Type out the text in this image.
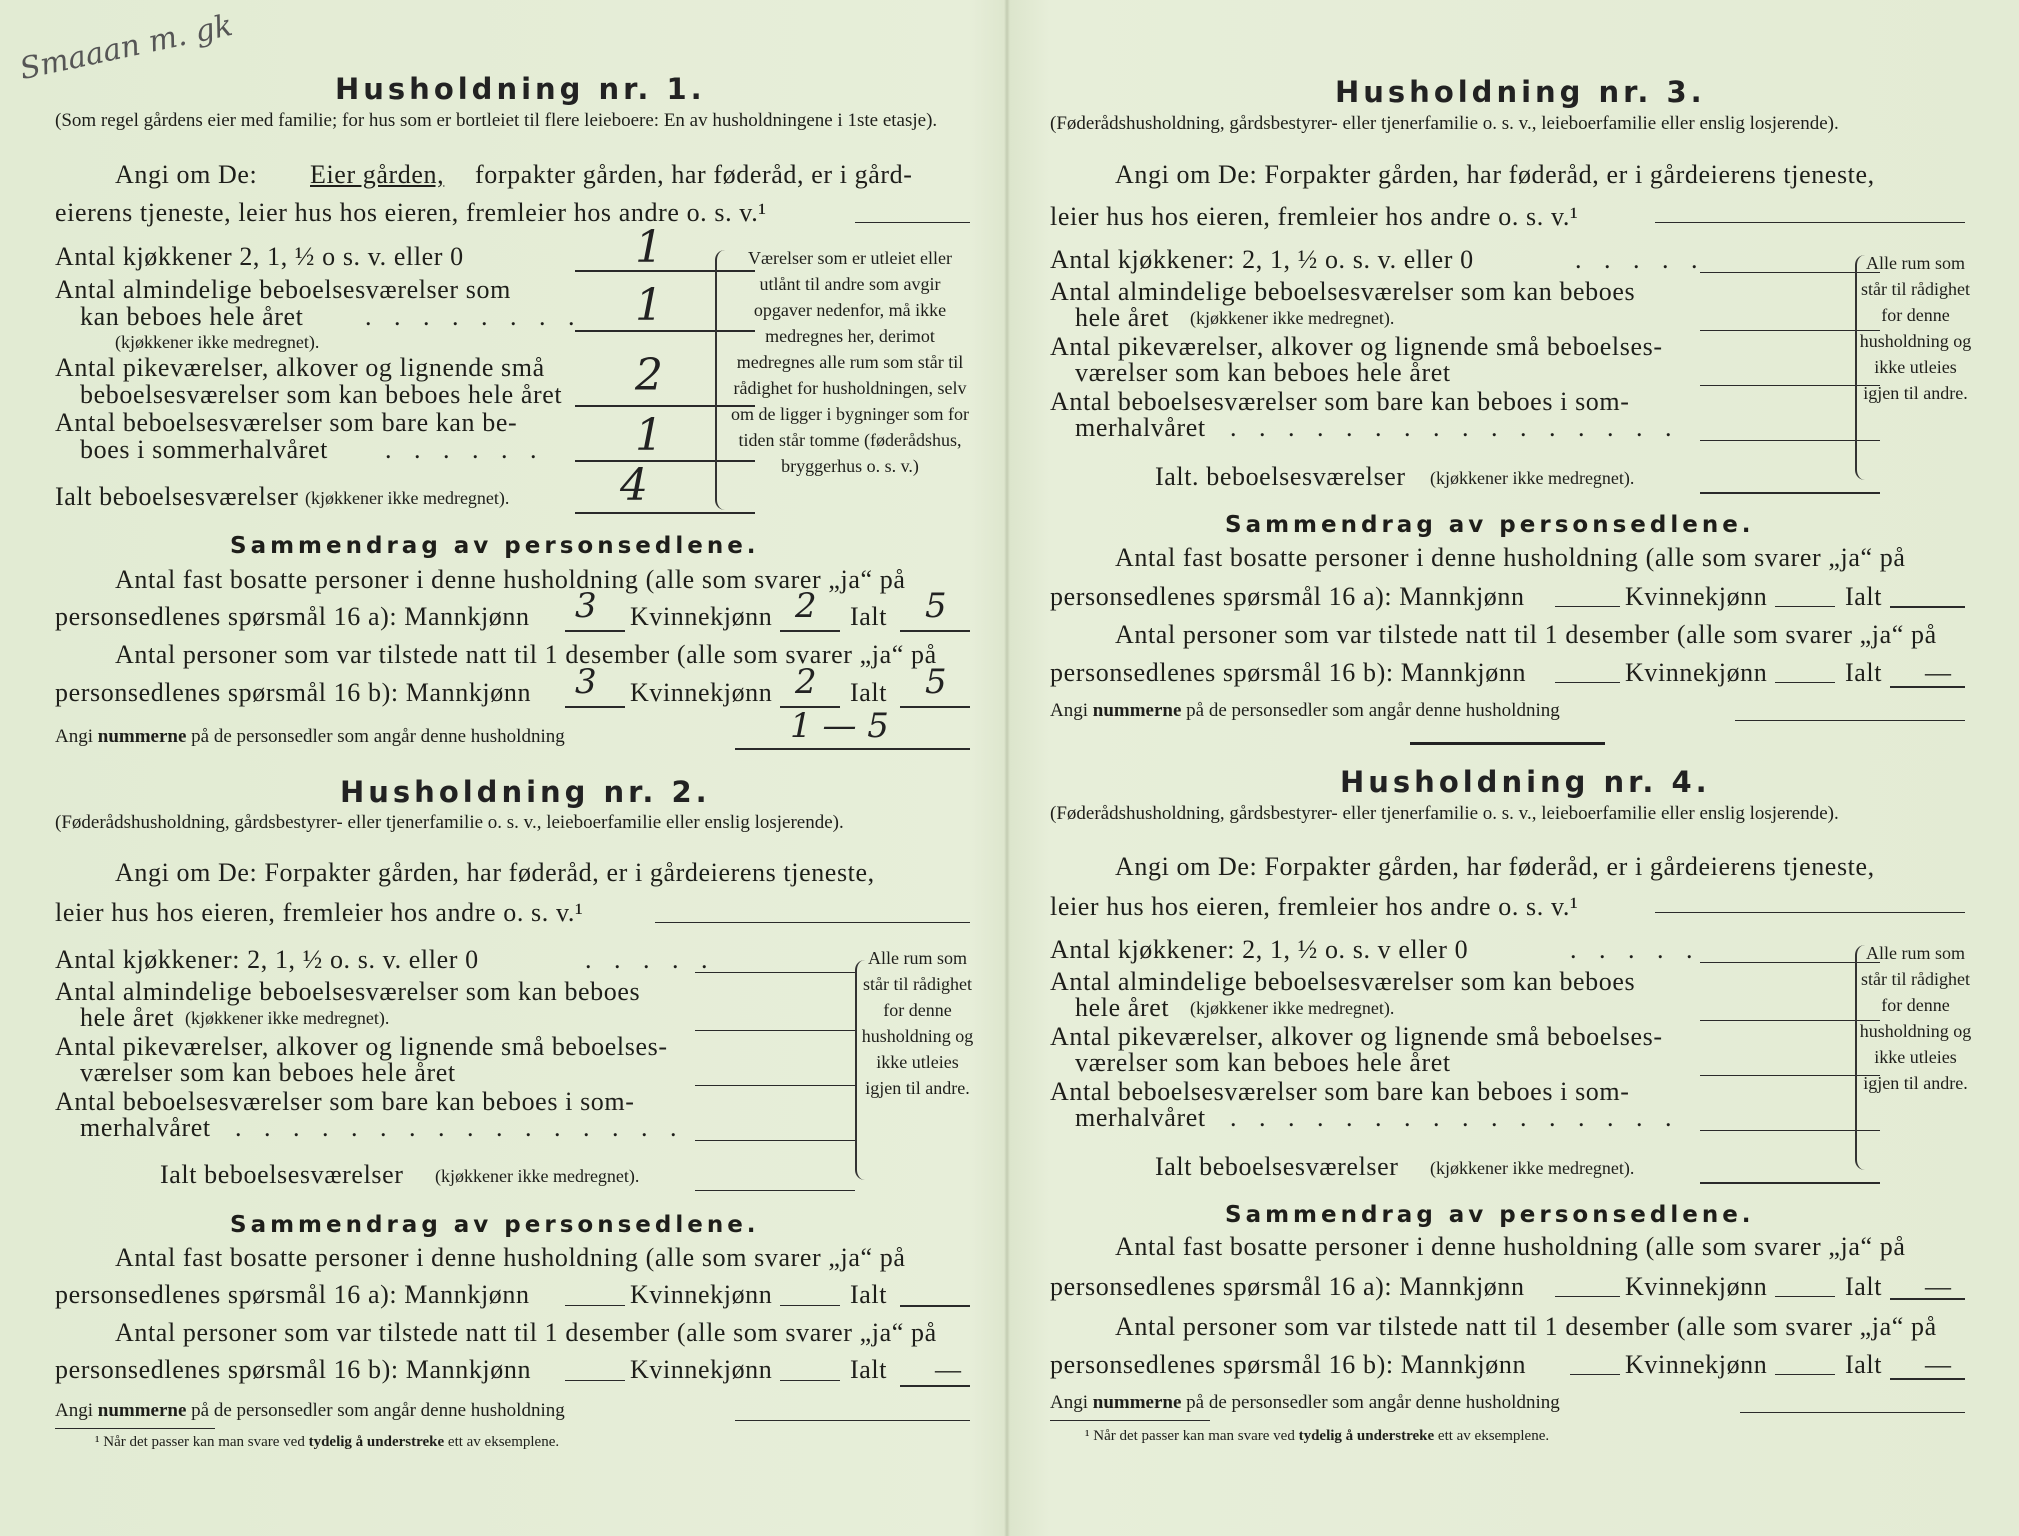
Smaaan m. gk
Husholdning nr. 1.
(Som regel gårdens eier med familie; for hus som er bortleiet til flere leieboere: En av husholdningene i 1ste etasje).
Angi om De: Eier gården, forpakter gården, har føderåd, er i gård-
eierens tjeneste, leier hus hos eieren, fremleier hos andre o. s. v.¹
Antal kjøkkener 2, 1, ½ o s. v. eller 0	1
Antal almindelige beboelsesværelser som
kan beboes hele året . . . . . . . .
(kjøkkener ikke medregnet).
1
Antal pikeværelser, alkover og lignende små
beboelsesværelser som kan beboes hele året 2
Antal beboelsesværelser som bare kan be-
boes i sommerhalvåret . . . . . . 1
Ialt beboelsesværelser (kjøkkener ikke medregnet).	4
Værelser som er utleiet eller utlånt til andre som avgir opgaver nedenfor, må ikke medregnes her, derimot medregnes alle rum som står til rådighet for husholdningen, selv om de ligger i bygninger som for tiden står tomme (føderådshus, bryggerhus o. s. v.)
Sammendrag av personsedlene.
Antal fast bosatte personer i denne husholdning (alle som svarer „ja“ på
personsedlenes spørsmål 16 a): Mannkjønn 3 Kvinnekjønn 2 Ialt 5
Antal personer som var tilstede natt til 1 desember (alle som svarer „ja“ på
personsedlenes spørsmål 16 b): Mannkjønn 3 Kvinnekjønn 2 Ialt 5
Angi nummerne på de personsedler som angår denne husholdning	1 — 5
Husholdning nr. 2.
(Føderådshusholdning, gårdsbestyrer- eller tjenerfamilie o. s. v., leieboerfamilie eller enslig losjerende).
Angi om De: Forpakter gården, har føderåd, er i gårdeierens tjeneste,
leier hus hos eieren, fremleier hos andre o. s. v.¹
Antal kjøkkener: 2, 1, ½ o. s. v. eller 0	. . . . .
Antal almindelige beboelsesværelser som kan beboes
hele året (kjøkkener ikke medregnet).
Antal pikeværelser, alkover og lignende små beboelses-
værelser som kan beboes hele året
Antal beboelsesværelser som bare kan beboes i som-
merhalvåret . . . . . . . . . . . . . . . .
Ialt beboelsesværelser (kjøkkener ikke medregnet).
Alle rum som står til rådighet for denne husholdning og ikke utleies igjen til andre.
Sammendrag av personsedlene.
Antal fast bosatte personer i denne husholdning (alle som svarer „ja“ på
personsedlenes spørsmål 16 a): Mannkjønn	Kvinnekjønn	Ialt
Antal personer som var tilstede natt til 1 desember (alle som svarer „ja“ på
personsedlenes spørsmål 16 b): Mannkjønn	Kvinnekjønn	Ialt —
Angi nummerne på de personsedler som angår denne husholdning
¹ Når det passer kan man svare ved tydelig å understreke ett av eksemplene.
Husholdning nr. 3.
(Føderådshusholdning, gårdsbestyrer- eller tjenerfamilie o. s. v., leieboerfamilie eller enslig losjerende).
Angi om De: Forpakter gården, har føderåd, er i gårdeierens tjeneste,
leier hus hos eieren, fremleier hos andre o. s. v.¹
Antal kjøkkener: 2, 1, ½ o. s. v. eller 0	. . . . .
Antal almindelige beboelsesværelser som kan beboes
hele året (kjøkkener ikke medregnet).
Antal pikeværelser, alkover og lignende små beboelses-
værelser som kan beboes hele året
Antal beboelsesværelser som bare kan beboes i som-
merhalvåret . . . . . . . . . . . . . . . .
Ialt. beboelsesværelser (kjøkkener ikke medregnet).
Alle rum som står til rådighet for denne husholdning og ikke utleies igjen til andre.
Sammendrag av personsedlene.
Antal fast bosatte personer i denne husholdning (alle som svarer „ja“ på
personsedlenes spørsmål 16 a): Mannkjønn	Kvinnekjønn	Ialt
Antal personer som var tilstede natt til 1 desember (alle som svarer „ja“ på
personsedlenes spørsmål 16 b): Mannkjønn	Kvinnekjønn	Ialt —
Angi nummerne på de personsedler som angår denne husholdning
Husholdning nr. 4.
(Føderådshusholdning, gårdsbestyrer- eller tjenerfamilie o. s. v., leieboerfamilie eller enslig losjerende).
Angi om De: Forpakter gården, har føderåd, er i gårdeierens tjeneste,
leier hus hos eieren, fremleier hos andre o. s. v.¹
Antal kjøkkener: 2, 1, ½ o. s. v eller 0	. . . . .
Antal almindelige beboelsesværelser som kan beboes
hele året (kjøkkener ikke medregnet).
Antal pikeværelser, alkover og lignende små beboelses-
værelser som kan beboes hele året
Antal beboelsesværelser som bare kan beboes i som-
merhalvåret . . . . . . . . . . . . . . . .
Ialt beboelsesværelser (kjøkkener ikke medregnet).
Alle rum som står til rådighet for denne husholdning og ikke utleies igjen til andre.
Sammendrag av personsedlene.
Antal fast bosatte personer i denne husholdning (alle som svarer „ja“ på
personsedlenes spørsmål 16 a): Mannkjønn	Kvinnekjønn	Ialt —
Antal personer som var tilstede natt til 1 desember (alle som svarer „ja“ på
personsedlenes spørsmål 16 b): Mannkjønn	Kvinnekjønn	Ialt —
Angi nummerne på de personsedler som angår denne husholdning
¹ Når det passer kan man svare ved tydelig å understreke ett av eksemplene.
